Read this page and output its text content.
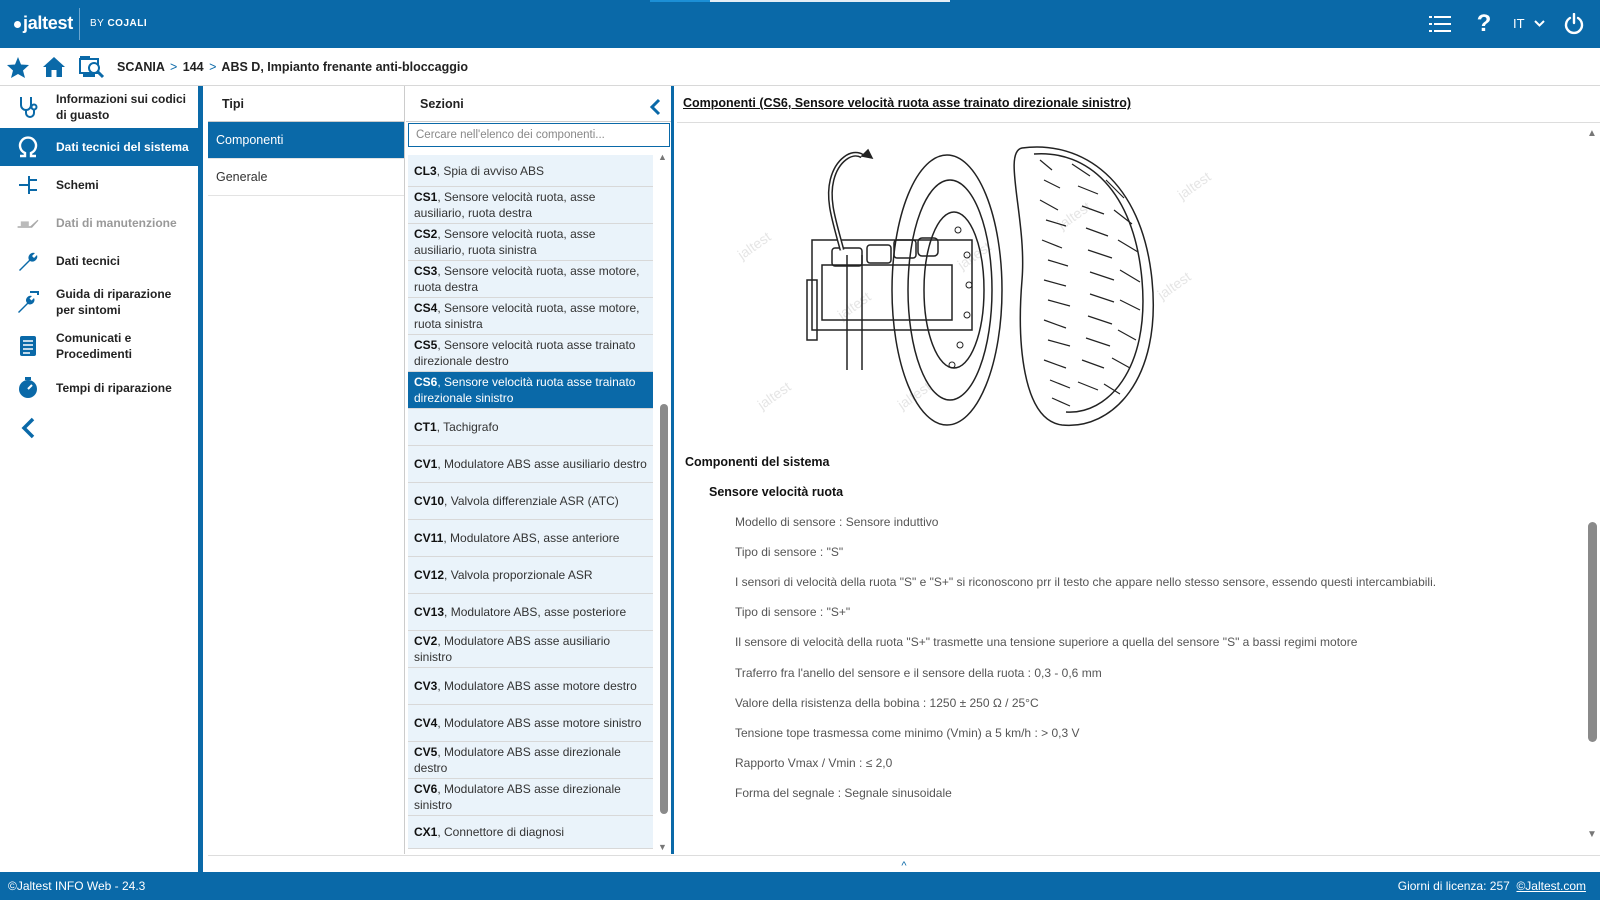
jaltest BY COJALI	?	IT
SCANIA > 144 > ABS D, Impianto frenante anti-bloccaggio
Informazioni sui codici di guasto
Dati tecnici del sistema
Schemi
Dati di manutenzione
Dati tecnici
Guida di riparazione per sintomi
Comunicati e Procedimenti
Tempi di riparazione
Tipi
Componenti
Generale
Sezioni
Cercare nell'elenco dei componenti...
CL3, Spia di avviso ABS
CS1, Sensore velocità ruota, asse ausiliario, ruota destra
CS2, Sensore velocità ruota, asse ausiliario, ruota sinistra
CS3, Sensore velocità ruota, asse motore, ruota destra
CS4, Sensore velocità ruota, asse motore, ruota sinistra
CS5, Sensore velocità ruota asse trainato direzionale destro
CS6, Sensore velocità ruota asse trainato direzionale sinistro
CT1, Tachigrafo
CV1, Modulatore ABS asse ausiliario destro
CV10, Valvola differenziale ASR (ATC)
CV11, Modulatore ABS, asse anteriore
CV12, Valvola proporzionale ASR
CV13, Modulatore ABS, asse posteriore
CV2, Modulatore ABS asse ausiliario sinistro
CV3, Modulatore ABS asse motore destro
CV4, Modulatore ABS asse motore sinistro
CV5, Modulatore ABS asse direzionale destro
CV6, Modulatore ABS asse direzionale sinistro
CX1, Connettore di diagnosi
▲
▼
Componenti (CS6, Sensore velocità ruota asse trainato direzionale sinistro)
jaltest
jaltest
jaltest
jaltest
jaltest
jaltest
jaltest
jaltest
Componenti del sistema
Sensore velocità ruota
Modello di sensore : Sensore induttivo
Tipo di sensore : "S"
I sensori di velocità della ruota "S" e "S+" si riconoscono prr il testo che appare nello stesso sensore, essendo questi intercambiabili.
Tipo di sensore : "S+"
Il sensore di velocità della ruota "S+" trasmette una tensione superiore a quella del sensore "S" a bassi regimi motore
Traferro fra l'anello del sensore e il sensore della ruota : 0,3 - 0,6 mm
Valore della risistenza della bobina : 1250 ± 250 Ω / 25°C
Tensione tope trasmessa come minimo (Vmin) a 5 km/h : > 0,3 V
Rapporto Vmax / Vmin : ≤ 2,0
Forma del segnale : Segnale sinusoidale
▲
▼
^
©Jaltest INFO Web - 24.3	Giorni di licenza: 257 ©Jaltest.com
